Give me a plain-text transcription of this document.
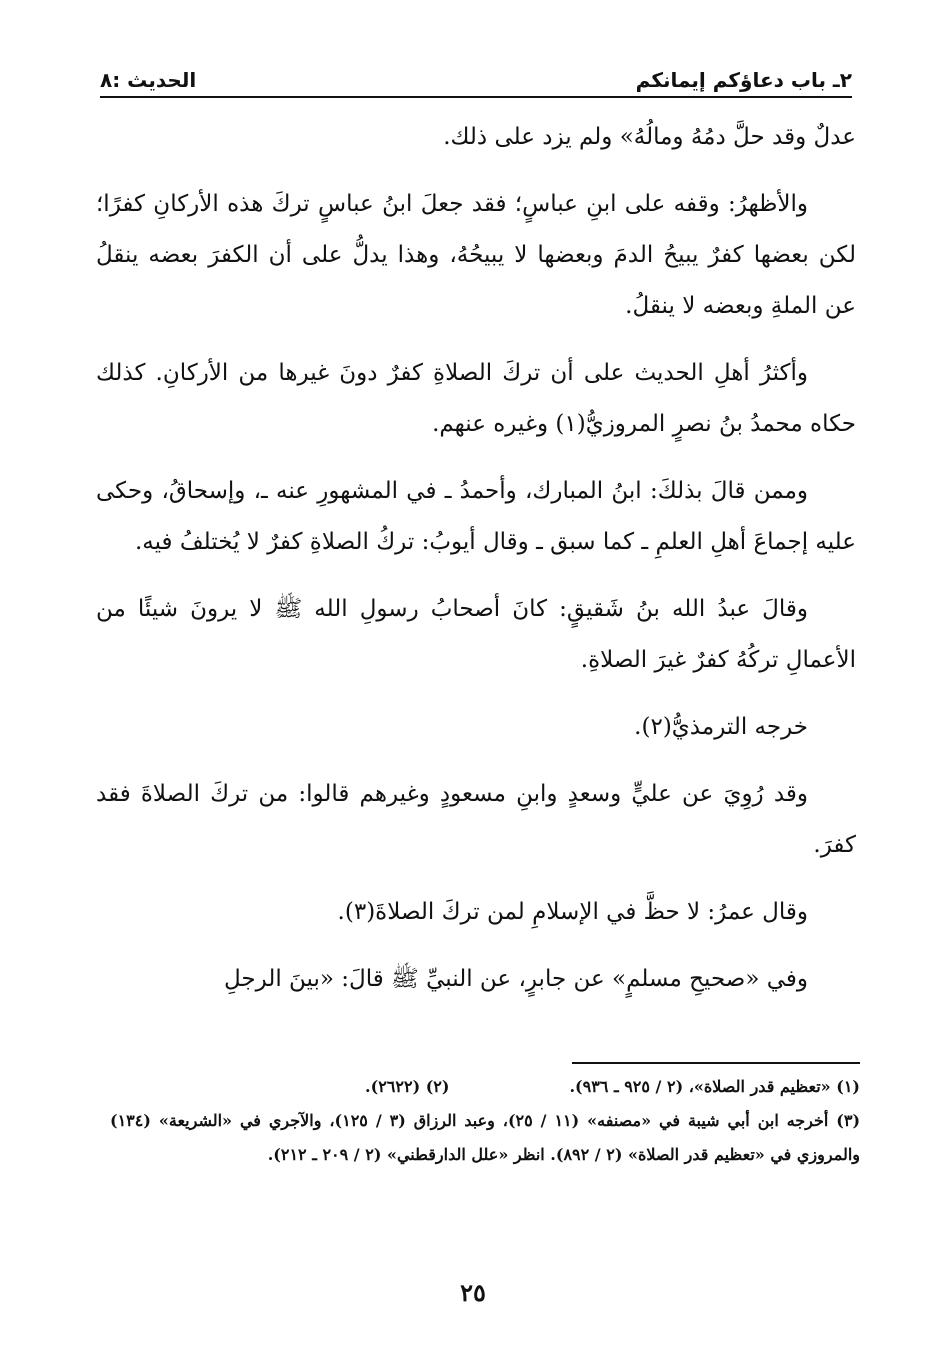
٢ـ باب دعاؤكم إيمانكم
الحديث :٨

عدلٌ وقد حلَّ دمُهُ ومالُهُ» ولم يزد على ذلك.

والأظهرُ: وقفه على ابنِ عباسٍ؛ فقد جعلَ ابنُ عباسٍ تركَ هذه الأركانِ كفرًا؛ لكن بعضها كفرٌ يبيحُ الدمَ وبعضها لا يبيحُهُ، وهذا يدلُّ على أن الكفرَ بعضه ينقلُ عن الملةِ وبعضه لا ينقلُ.

وأكثرُ أهلِ الحديث على أن تركَ الصلاةِ كفرٌ دونَ غيرها من الأركانِ. كذلك حكاه محمدُ بنُ نصرٍ المروزيُّ(١) وغيره عنهم.

وممن قالَ بذلكَ: ابنُ المبارك، وأحمدُ ـ في المشهورِ عنه ـ، وإسحاقُ، وحكى عليه إجماعَ أهلِ العلمِ ـ كما سبق ـ وقال أيوبُ: تركُ الصلاةِ كفرٌ لا يُختلفُ فيه.

وقالَ عبدُ الله بنُ شَقيقٍ: كانَ أصحابُ رسولِ الله ﷺ لا يرونَ شيئًا من الأعمالِ تركُهُ كفرٌ غيرَ الصلاةِ.

خرجه الترمذيُّ(٢).

وقد رُوِيَ عن عليٍّ وسعدٍ وابنِ مسعودٍ وغيرهم قالوا: من تركَ الصلاةَ فقد كفرَ.

وقال عمرُ: لا حظَّ في الإسلامِ لمن تركَ الصلاةَ(٣).

وفي «صحيحِ مسلمٍ» عن جابرٍ، عن النبيِّ ﷺ قالَ: «بينَ الرجلِ

(١) «تعظيم قدر الصلاة»، (٢ / ٩٢٥ ـ ٩٣٦).
(٢) (٢٦٢٢).

(٣) أخرجه ابن أبي شيبة في «مصنفه» (١١ / ٢٥)، وعبد الرزاق (٣ / ١٢٥)، والآجري في «الشريعة» (١٣٤) والمروزي في «تعظيم قدر الصلاة» (٢ / ٨٩٢). انظر «علل الدارقطني» (٢ / ٢٠٩ ـ ٢١٢).

٢٥
